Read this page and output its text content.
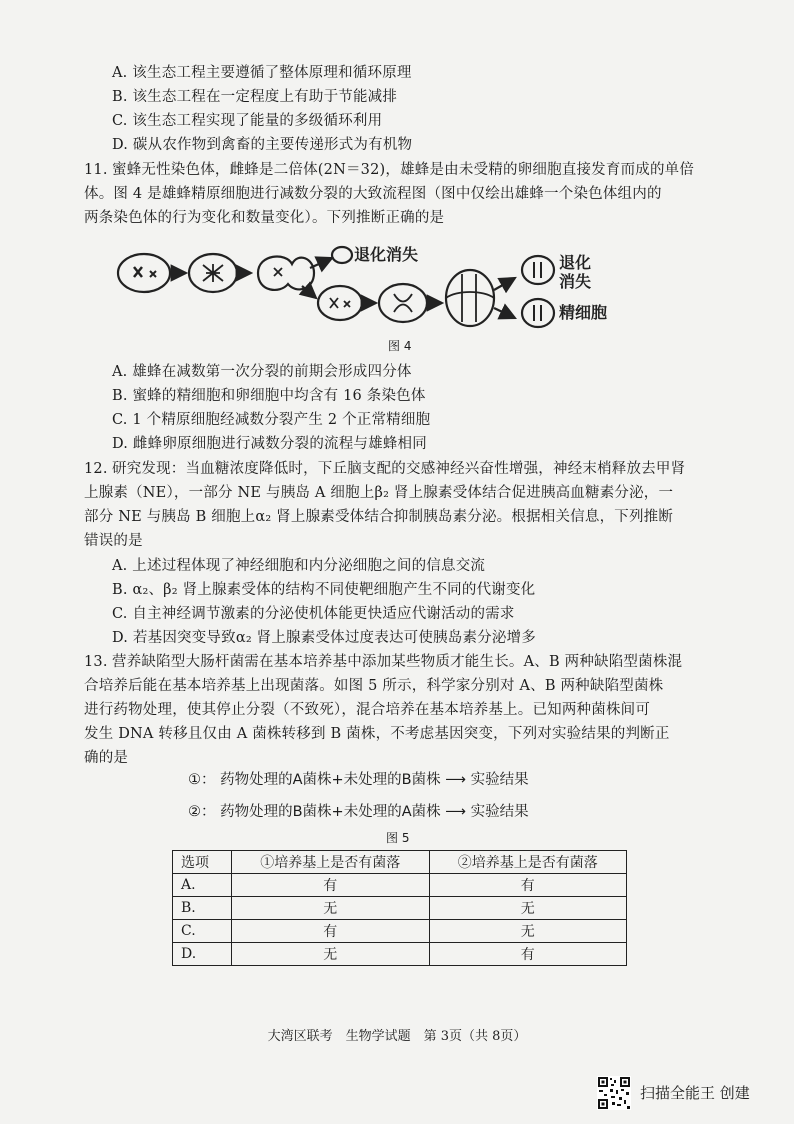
A. 该生态工程主要遵循了整体原理和循环原理
B. 该生态工程在一定程度上有助于节能减排
C. 该生态工程实现了能量的多级循环利用
D. 碳从农作物到禽畜的主要传递形式为有机物
11. 蜜蜂无性染色体，雌蜂是二倍体(2N＝32)，雄蜂是由未受精的卵细胞直接发育而成的单倍
体。图 4 是雄蜂精原细胞进行减数分裂的大致流程图（图中仅绘出雄蜂一个染色体组内的
两条染色体的行为变化和数量变化）。下列推断正确的是
退化消失	退化
消失
精细胞
图 4
A. 雄蜂在减数第一次分裂的前期会形成四分体
B. 蜜蜂的精细胞和卵细胞中均含有 16 条染色体
C. 1 个精原细胞经减数分裂产生 2 个正常精细胞
D. 雌蜂卵原细胞进行减数分裂的流程与雄蜂相同
12. 研究发现：当血糖浓度降低时，下丘脑支配的交感神经兴奋性增强，神经末梢释放去甲肾
上腺素（NE），一部分 NE 与胰岛 A 细胞上β₂ 肾上腺素受体结合促进胰高血糖素分泌，一
部分 NE 与胰岛 B 细胞上α₂ 肾上腺素受体结合抑制胰岛素分泌。根据相关信息，下列推断
错误的是
A. 上述过程体现了神经细胞和内分泌细胞之间的信息交流
B. α₂、β₂ 肾上腺素受体的结构不同使靶细胞产生不同的代谢变化
C. 自主神经调节激素的分泌使机体能更快适应代谢活动的需求
D. 若基因突变导致α₂ 肾上腺素受体过度表达可使胰岛素分泌增多
13. 营养缺陷型大肠杆菌需在基本培养基中添加某些物质才能生长。A、B 两种缺陷型菌株混
合培养后能在基本培养基上出现菌落。如图 5 所示，科学家分别对 A、B 两种缺陷型菌株
进行药物处理，使其停止分裂（不致死），混合培养在基本培养基上。已知两种菌株间可
发生 DNA 转移且仅由 A 菌株转移到 B 菌株，不考虑基因突变，下列对实验结果的判断正
确的是
①： 药物处理的A菌株+未处理的B菌株 ⟶ 实验结果
②： 药物处理的B菌株+未处理的A菌株 ⟶ 实验结果
图 5
选项	①培养基上是否有菌落	②培养基上是否有菌落
A.	有	有
B.	无	无
C.	有	无
D.	无	有
大湾区联考　生物学试题　第 3页（共 8页）
扫描全能王 创建
